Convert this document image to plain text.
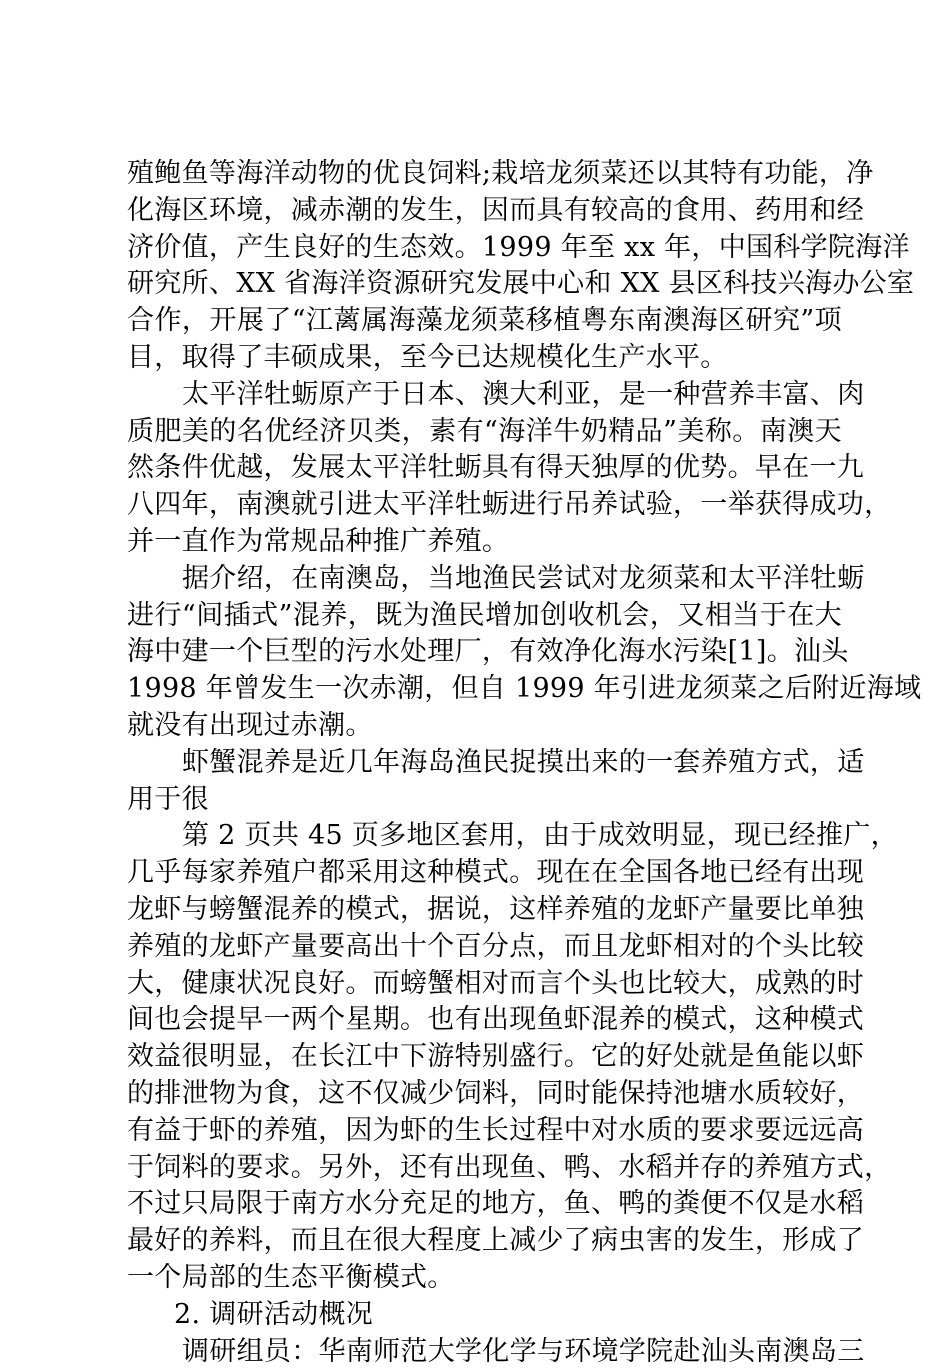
殖鲍鱼等海洋动物的优良饲料;栽培龙须菜还以其特有功能，净
化海区环境，减赤潮的发生，因而具有较高的食用、药用和经
济价值，产生良好的生态效。1999 年至 xx 年，中国科学院海洋
研究所、XX 省海洋资源研究发展中心和 XX 县区科技兴海办公室
合作，开展了“江蓠属海藻龙须菜移植粤东南澳海区研究”项
目，取得了丰硕成果，至今已达规模化生产水平。
太平洋牡蛎原产于日本、澳大利亚，是一种营养丰富、肉
质肥美的名优经济贝类，素有“海洋牛奶精品”美称。南澳天
然条件优越，发展太平洋牡蛎具有得天独厚的优势。早在一九
八四年，南澳就引进太平洋牡蛎进行吊养试验，一举获得成功，
并一直作为常规品种推广养殖。
据介绍，在南澳岛，当地渔民尝试对龙须菜和太平洋牡蛎
进行“间插式”混养，既为渔民增加创收机会，又相当于在大
海中建一个巨型的污水处理厂，有效净化海水污染[1]。汕头
1998 年曾发生一次赤潮，但自 1999 年引进龙须菜之后附近海域
就没有出现过赤潮。
虾蟹混养是近几年海岛渔民捉摸出来的一套养殖方式，适
用于很
第 2 页共 45 页多地区套用，由于成效明显，现已经推广，
几乎每家养殖户都采用这种模式。现在在全国各地已经有出现
龙虾与螃蟹混养的模式，据说，这样养殖的龙虾产量要比单独
养殖的龙虾产量要高出十个百分点，而且龙虾相对的个头比较
大，健康状况良好。而螃蟹相对而言个头也比较大，成熟的时
间也会提早一两个星期。也有出现鱼虾混养的模式，这种模式
效益很明显，在长江中下游特别盛行。它的好处就是鱼能以虾
的排泄物为食，这不仅减少饲料，同时能保持池塘水质较好，
有益于虾的养殖，因为虾的生长过程中对水质的要求要远远高
于饲料的要求。另外，还有出现鱼、鸭、水稻并存的养殖方式，
不过只局限于南方水分充足的地方，鱼、鸭的粪便不仅是水稻
最好的养料，而且在很大程度上减少了病虫害的发生，形成了
一个局部的生态平衡模式。
2. 调研活动概况
调研组员：华南师范大学化学与环境学院赴汕头南澳岛三
